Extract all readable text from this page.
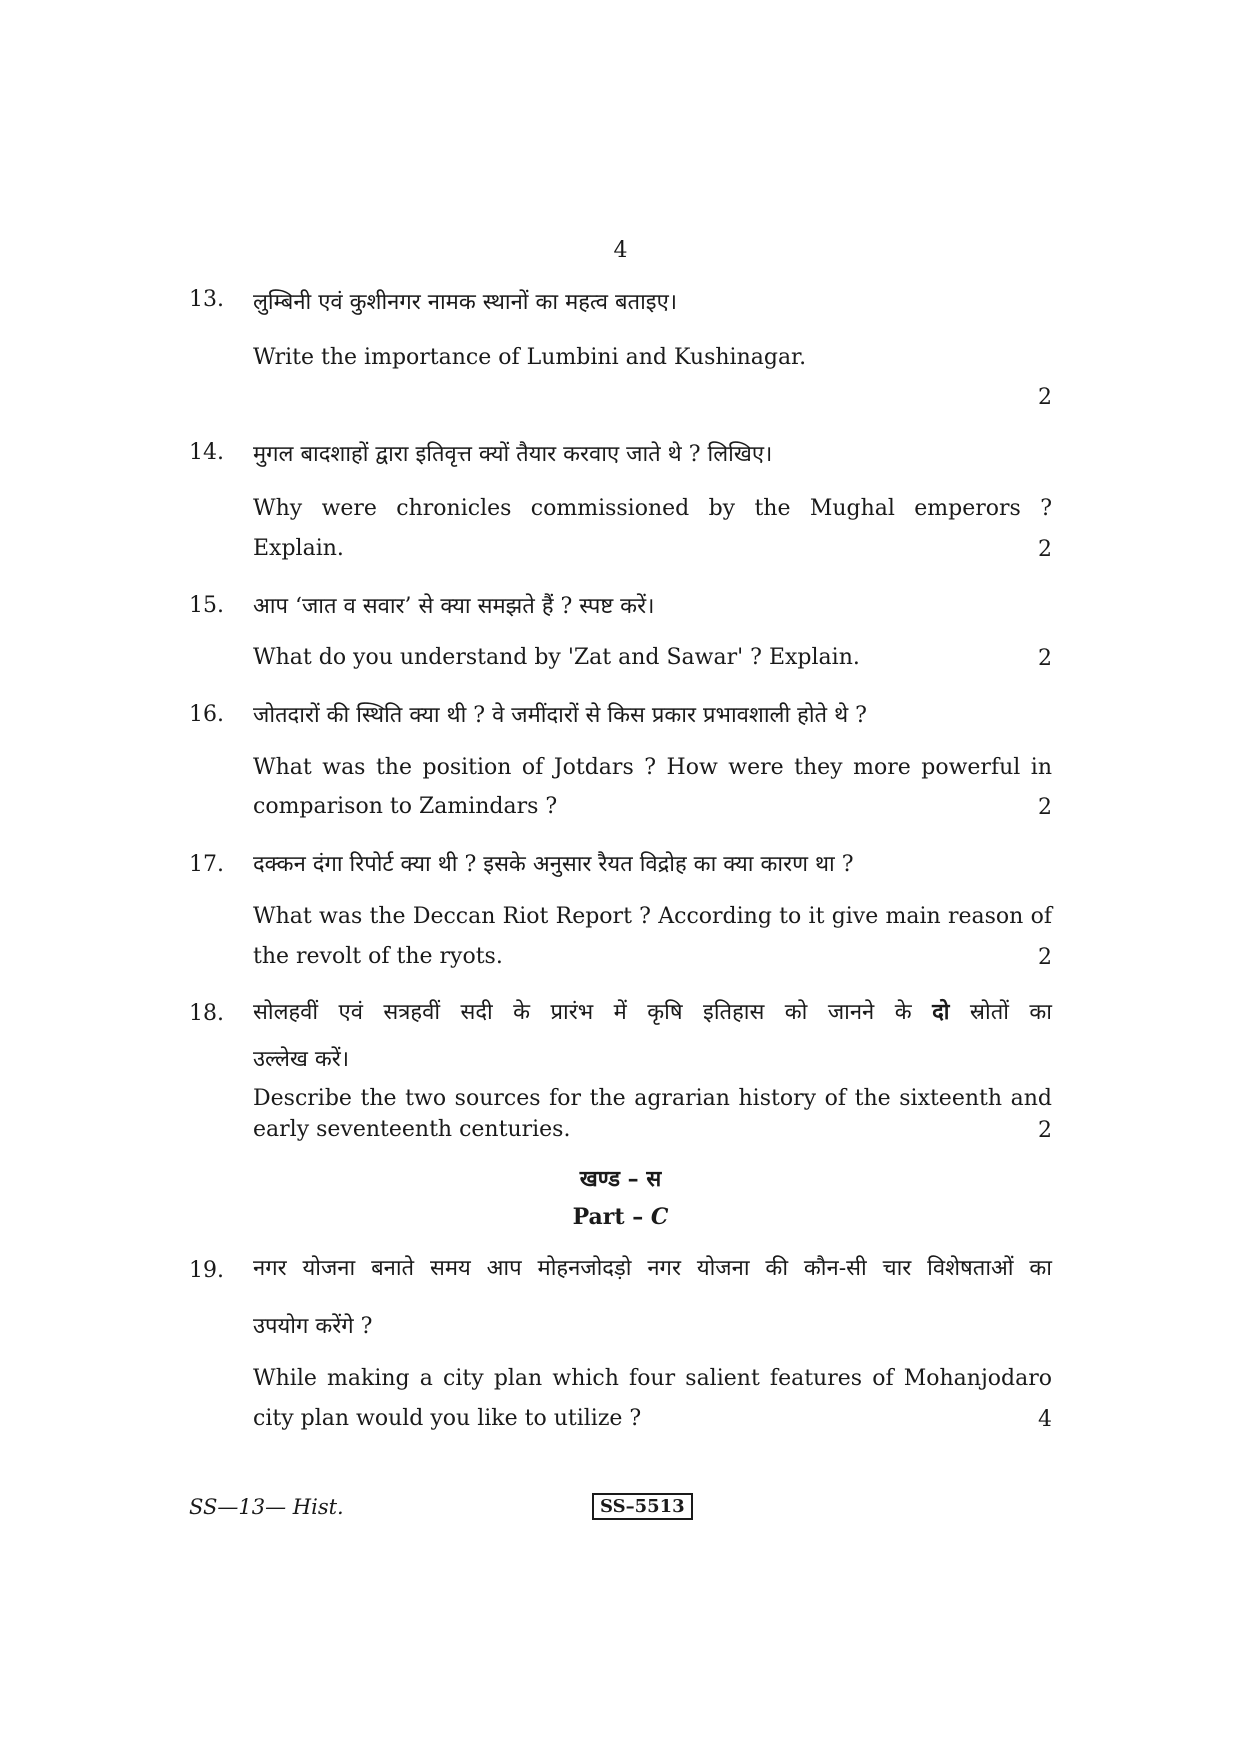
4
13. लुम्बिनी एवं कुशीनगर नामक स्थानों का महत्व बताइए।
Write the importance of Lumbini and Kushinagar.
2
14. मुगल बादशाहों द्वारा इतिवृत्त क्यों तैयार करवाए जाते थे ? लिखिए।
Why were chronicles commissioned by the Mughal emperors ?
Explain.	2
15. आप ‘जात व सवार’ से क्या समझते हैं ? स्पष्ट करें।
What do you understand by 'Zat and Sawar' ? Explain.	2
16. जोतदारों की स्थिति क्या थी ? वे जमींदारों से किस प्रकार प्रभावशाली होते थे ?
What was the position of Jotdars ? How were they more powerful in
comparison to Zamindars ?	2
17. दक्कन दंगा रिपोर्ट क्या थी ? इसके अनुसार रैयत विद्रोह का क्या कारण था ?
What was the Deccan Riot Report ? According to it give main reason of
the revolt of the ryots.	2
18. सोलहवीं एवं सत्रहवीं सदी के प्रारंभ में कृषि इतिहास को जानने के दो स्रोतों का
उल्लेख करें।
Describe the two sources for the agrarian history of the sixteenth and
early seventeenth centuries.	2
खण्ड – स
Part – C
19. नगर योजना बनाते समय आप मोहनजोदड़ो नगर योजना की कौन-सी चार विशेषताओं का
उपयोग करेंगे ?
While making a city plan which four salient features of Mohanjodaro
city plan would you like to utilize ?	4
SS—13— Hist.	SS–5513
